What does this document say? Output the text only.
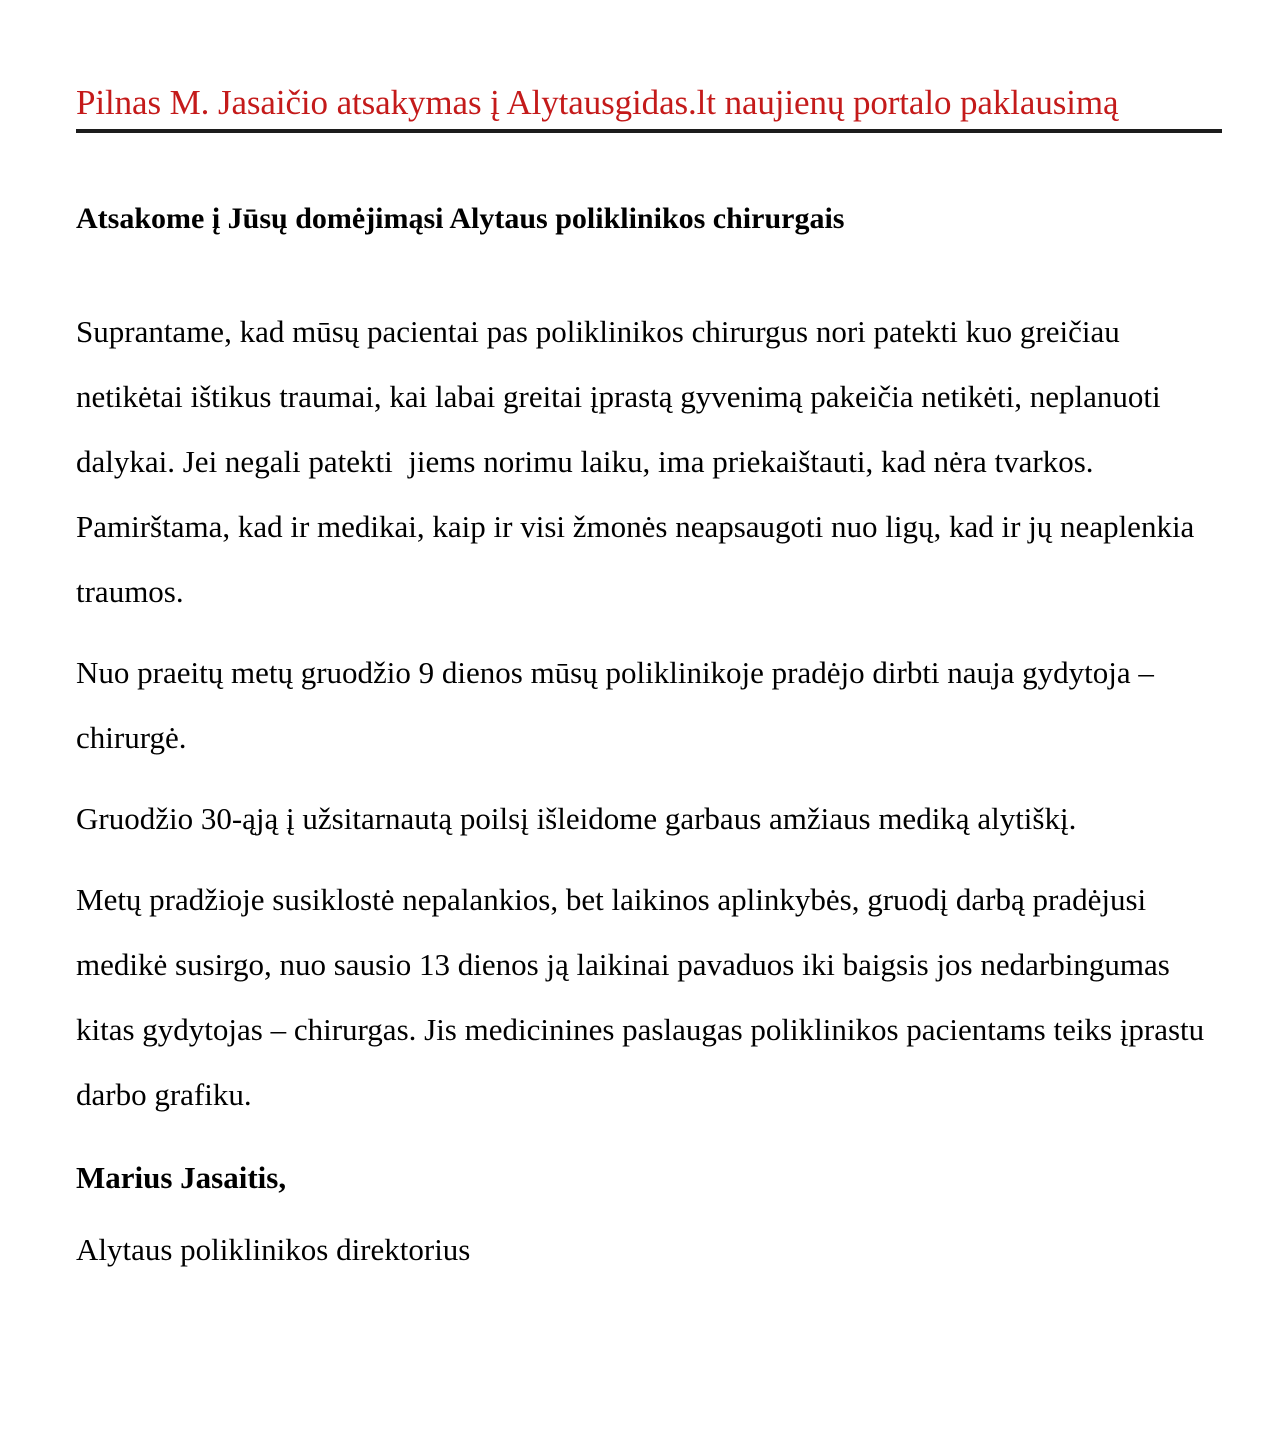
Pilnas M. Jasaičio atsakymas į Alytausgidas.lt naujienų portalo paklausimą
Atsakome į Jūsų domėjimąsi Alytaus poliklinikos chirurgais

Suprantame, kad mūsų pacientai pas poliklinikos chirurgus nori patekti kuo greičiau netikėtai ištikus traumai, kai labai greitai įprastą gyvenimą pakeičia netikėti, neplanuoti dalykai. Jei negali patekti  jiems norimu laiku, ima priekaištauti, kad nėra tvarkos. Pamirštama, kad ir medikai, kaip ir visi žmonės neapsaugoti nuo ligų, kad ir jų neaplenkia traumos.

Nuo praeitų metų gruodžio 9 dienos mūsų poliklinikoje pradėjo dirbti nauja gydytoja – chirurgė.

Gruodžio 30-ąją į užsitarnautą poilsį išleidome garbaus amžiaus mediką alytiškį.

Metų pradžioje susiklostė nepalankios, bet laikinos aplinkybės, gruodį darbą pradėjusi medikė susirgo, nuo sausio 13 dienos ją laikinai pavaduos iki baigsis jos nedarbingumas kitas gydytojas – chirurgas. Jis medicinines paslaugas poliklinikos pacientams teiks įprastu darbo grafiku.

Marius Jasaitis,

Alytaus poliklinikos direktorius
